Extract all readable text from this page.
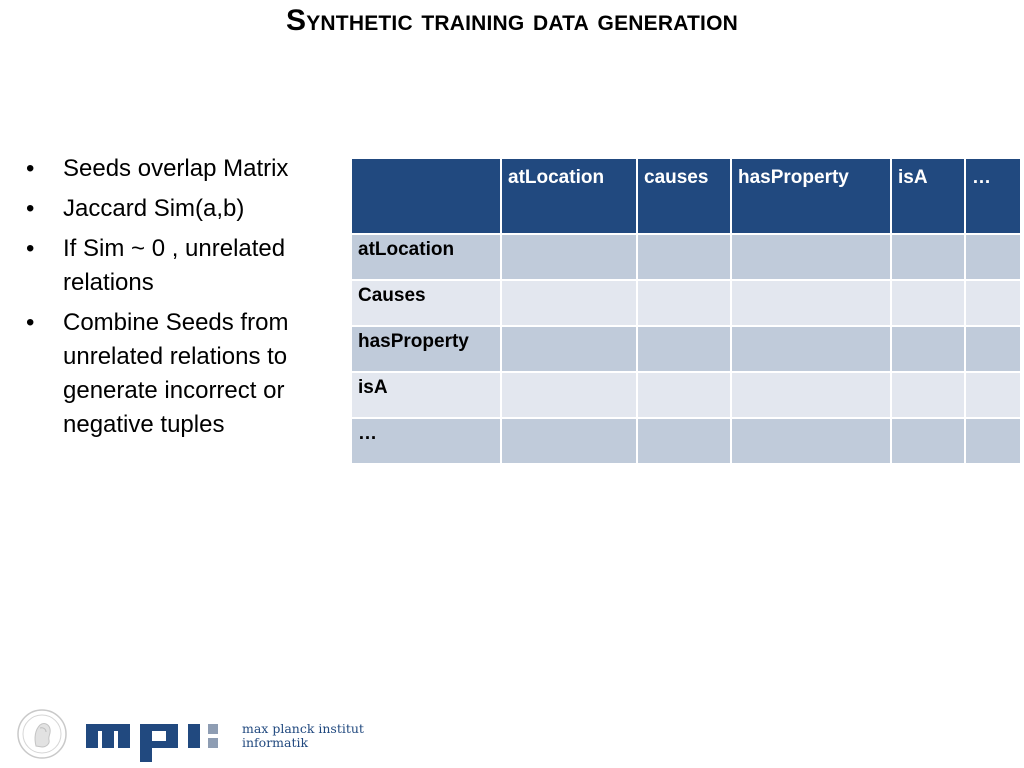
Synthetic training data generation
• Seeds overlap Matrix
• Jaccard Sim(a,b)
• If Sim ~ 0 , unrelated relations
• Combine Seeds from unrelated relations to generate incorrect or negative tuples
	atLocation	causes	hasProperty	isA	…
atLocation					
Causes					
hasProperty					
isA					
…					
max planck institut
informatik
